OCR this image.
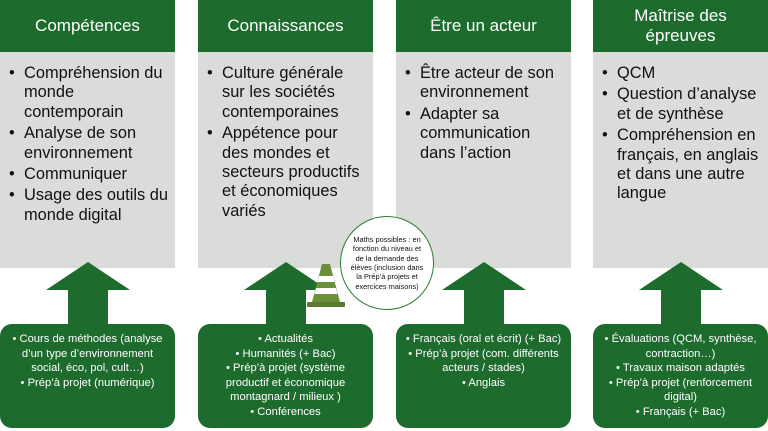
Compétences
• Compréhension du monde contemporain
• Analyse de son environnement
• Communiquer
• Usage des outils du monde digital
• Cours de méthodes (analyse d’un type d’environnement social, éco, pol, cult…)
• Prép’à projet (numérique)
Connaissances
• Culture générale sur les sociétés contemporaines
• Appétence pour des mondes et secteurs productifs et économiques variés
• Actualités
• Humanités (+ Bac)
• Prép’à projet (système productif et économique montagnard / milieux )
• Conférences
Être un acteur
• Être acteur de son environnement
• Adapter sa communication dans l’action
• Français (oral et écrit) (+ Bac)
• Prép’à projet (com. différents acteurs / stades)
• Anglais
Maîtrise des épreuves
• QCM
• Question d’analyse et de synthèse
• Compréhension en français, en anglais et dans une autre langue
• Évaluations (QCM, synthèse, contraction…)
• Travaux maison adaptés
• Prép’à projet (renforcement digital)
• Français (+ Bac)
Maths possibles : en fonction du niveau et de la demande des élèves (inclusion dans la Prép’à projets et exercices maisons)
